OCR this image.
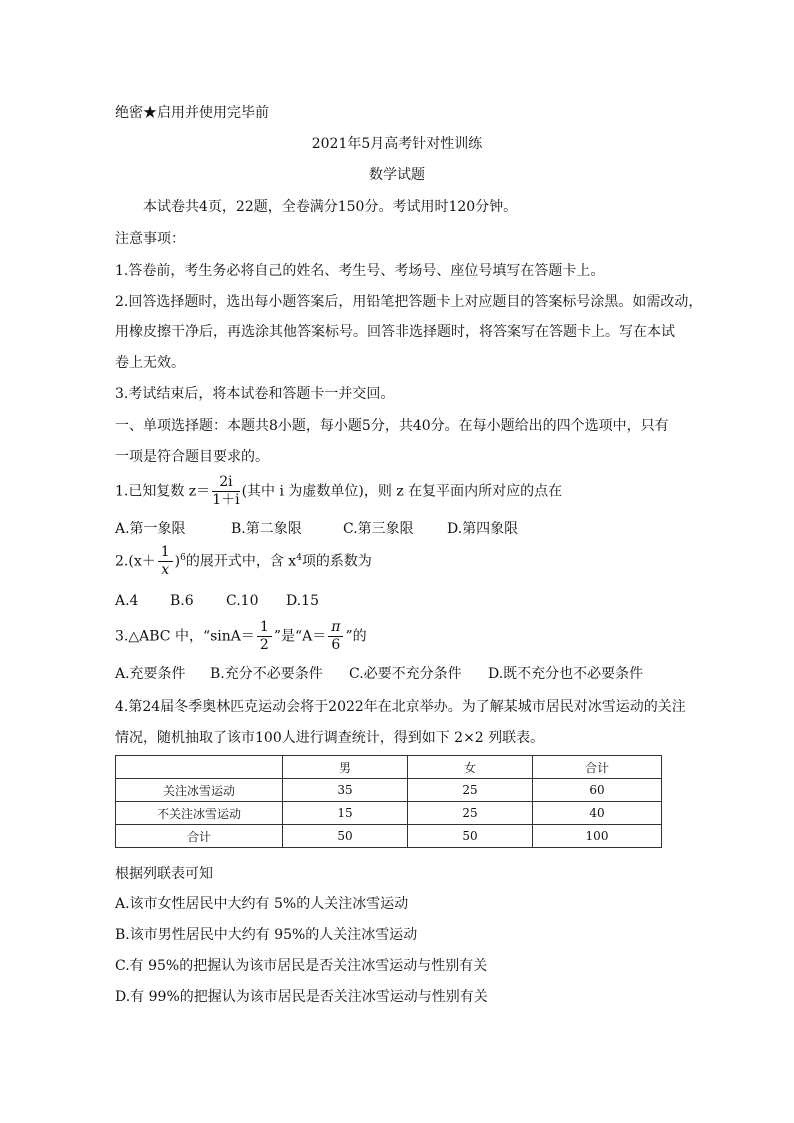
绝密★启用并使用完毕前
2021年5月高考针对性训练
数学试题
本试卷共4页，22题，全卷满分150分。考试用时120分钟。
注意事项：
1.答卷前，考生务必将自己的姓名、考生号、考场号、座位号填写在答题卡上。
2.回答选择题时，选出每小题答案后，用铅笔把答题卡上对应题目的答案标号涂黑。如需改动，
用橡皮擦干净后，再选涂其他答案标号。回答非选择题时，将答案写在答题卡上。写在本试
卷上无效。
3.考试结束后，将本试卷和答题卡一并交回。
一、单项选择题：本题共8小题，每小题5分，共40分。在每小题给出的四个选项中，只有
一项是符合题目要求的。
1.已知复数 $z= \frac{2i}{1+i}$ (其中 i 为虚数单位)，则 z 在复平面内所对应的点在
A.第一象限	B.第二象限	C.第三象限 D.第四象限
$2.(x+ \frac{1}{x} )^6$的展开式中，含 $x^4$项的系数为
A.4 B.6 C.10 D.15
3.△ABC 中，“$\sin A= \frac{1}{2}$ ”是“$A= \frac{\pi}{6}$ ”的
A.充要条件 B.充分不必要条件 C.必要不充分条件 D.既不充分也不必要条件
4.第24届冬季奥林匹克运动会将于2022年在北京举办。为了解某城市居民对冰雪运动的关注
情况，随机抽取了该市100人进行调查统计，得到如下 2×2 列联表。
	男	女	合计
关注冰雪运动	35	25	60
不关注冰雪运动	15	25	40
合计	50	50	100
根据列联表可知
A.该市女性居民中大约有 5%的人关注冰雪运动
B.该市男性居民中大约有 95%的人关注冰雪运动
C.有 95%的把握认为该市居民是否关注冰雪运动与性别有关
D.有 99%的把握认为该市居民是否关注冰雪运动与性别有关
